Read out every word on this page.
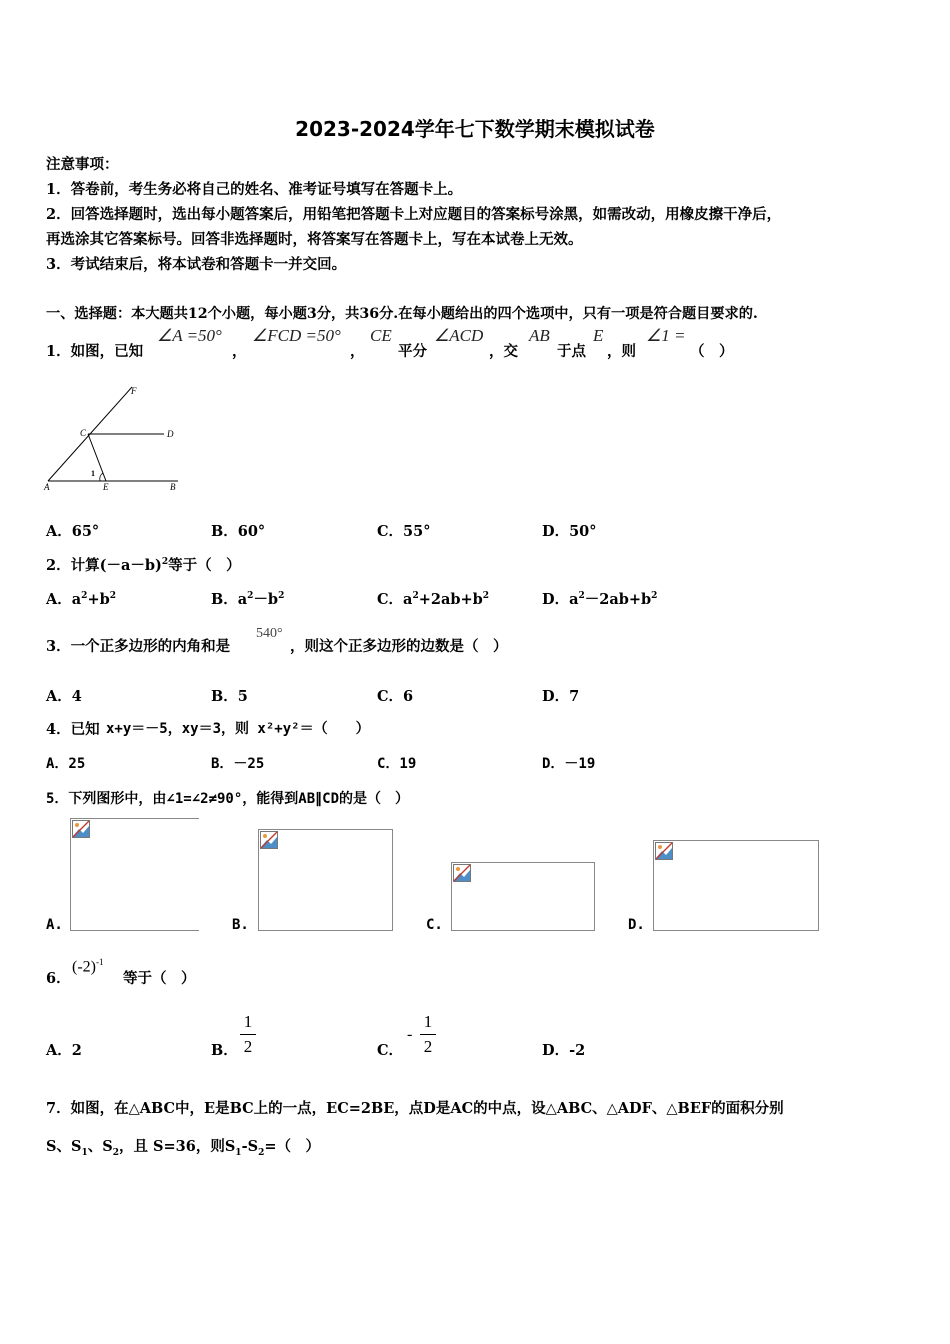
2023-2024学年七下数学期末模拟试卷
注意事项：
1．答卷前，考生务必将自己的姓名、准考证号填写在答题卡上。
2．回答选择题时，选出每小题答案后，用铅笔把答题卡上对应题目的答案标号涂黑，如需改动，用橡皮擦干净后，
再选涂其它答案标号。回答非选择题时，将答案写在答题卡上，写在本试卷上无效。
3．考试结束后，将本试卷和答题卡一并交回。
一、选择题：本大题共12个小题，每小题3分，共36分.在每小题给出的四个选项中，只有一项是符合题目要求的.
1．如图，已知
∠A =50°
，
∠FCD =50°
，
CE
平分
∠ACD
，交
AB
于点
E
，则
∠1 =
（　）
F
C	D
A	E	B
1
A．65°	B．60°	C．55°	D．50°
2．计算$(-a-b)^2$等于（　）
A．$a^2+b^2$	B．$a^2-b^2$	C．$a^2+2ab+b^2$	D．$a^2-2ab+b^2$
3．一个正多边形的内角和是
540°
，则这个正多边形的边数是（　）
A．4	B．5	C．6	D．7
4．已知 x+y＝－5，xy＝3，则 x²+y²＝（　　）
A．25	B．－25	C．19	D．－19
5．下列图形中，由∠1=∠2≠90°，能得到AB∥CD的是（　）
A.	B.	C.	D.
6．
$(-2)^{-1}$
等于（　）
A．2	B．
1
2	C．
-
1
2	D．-2
7．如图，在△ABC中，E是BC上的一点，EC=2BE，点D是AC的中点，设△ABC、△ADF、△BEF的面积分别
S、$S_1$、$S_2$，且 S=36，则$S_1-S_2=$（　）
